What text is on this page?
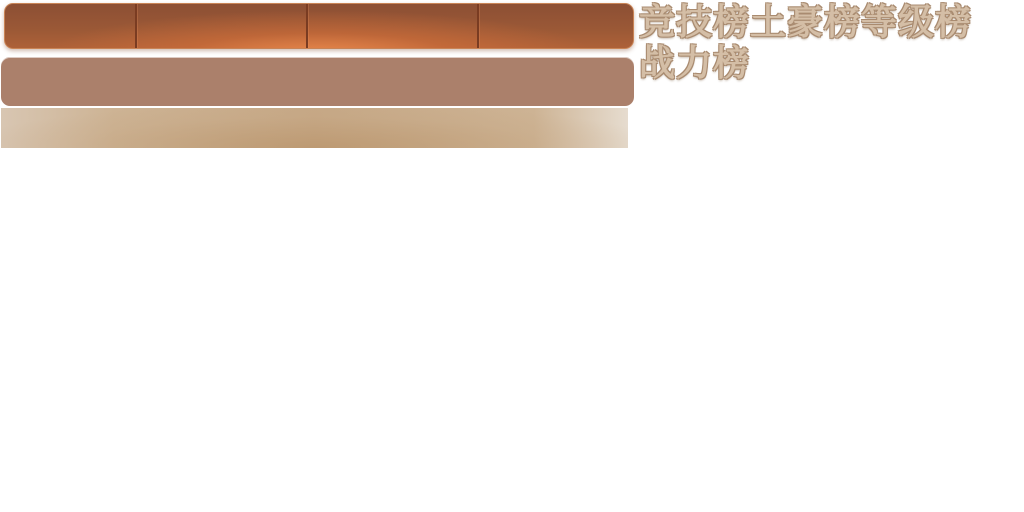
竞技榜土豪榜等级榜
战力榜
